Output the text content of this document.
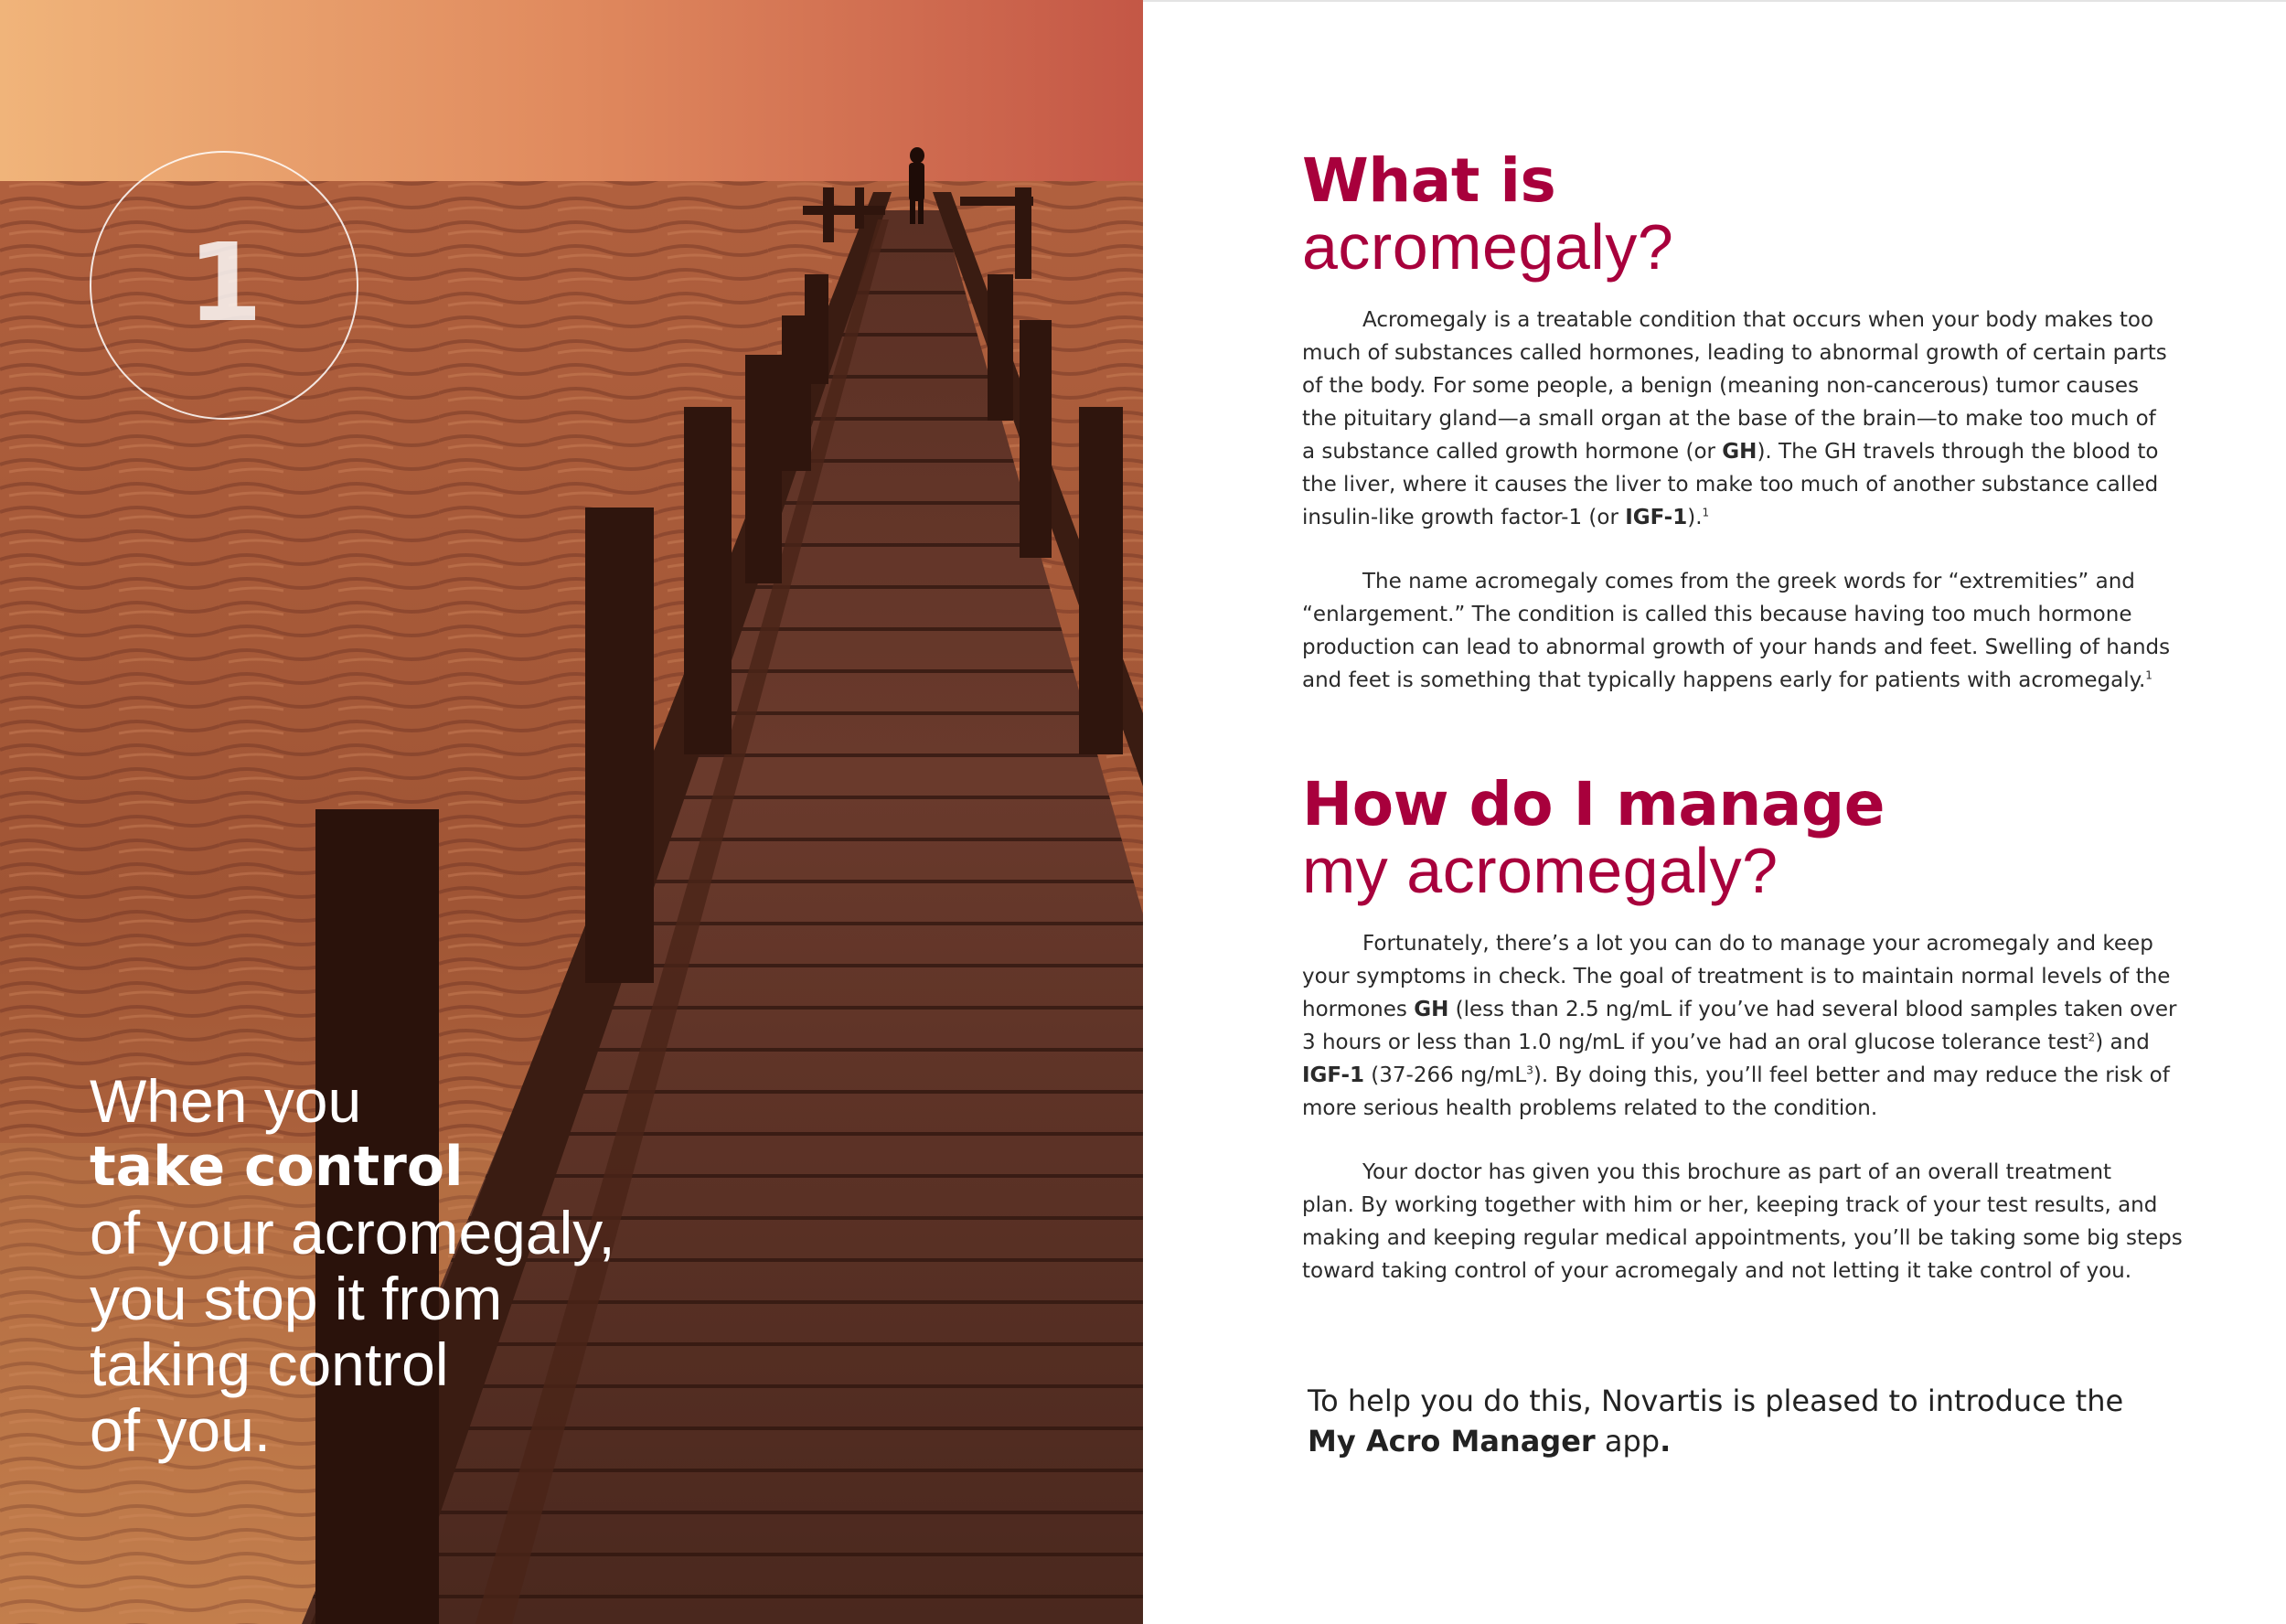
1
When you
take control
of your acromegaly,
you stop it from
taking control
of you.
What is
acromegaly?

Acromegaly is a treatable condition that occurs when your body makes too
much of substances called hormones, leading to abnormal growth of certain parts
of the body. For some people, a benign (meaning non-cancerous) tumor causes
the pituitary gland—a small organ at the base of the brain—to make too much of
a substance called growth hormone (or GH). The GH travels through the blood to
the liver, where it causes the liver to make too much of another substance called
insulin-like growth factor-1 (or IGF-1).$^1$

The name acromegaly comes from the greek words for “extremities” and
“enlargement.” The condition is called this because having too much hormone
production can lead to abnormal growth of your hands and feet. Swelling of hands
and feet is something that typically happens early for patients with acromegaly.$^1$

How do I manage
my acromegaly?

Fortunately, there’s a lot you can do to manage your acromegaly and keep
your symptoms in check. The goal of treatment is to maintain normal levels of the
hormones GH (less than 2.5 ng/mL if you’ve had several blood samples taken over
3 hours or less than 1.0 ng/mL if you’ve had an oral glucose tolerance test$^2$) and
IGF-1 (37-266 $ng/mL^3$). By doing this, you’ll feel better and may reduce the risk of
more serious health problems related to the condition.

Your doctor has given you this brochure as part of an overall treatment
plan. By working together with him or her, keeping track of your test results, and
making and keeping regular medical appointments, you’ll be taking some big steps
toward taking control of your acromegaly and not letting it take control of you.

To help you do this, Novartis is pleased to introduce the
My Acro Manager app.
